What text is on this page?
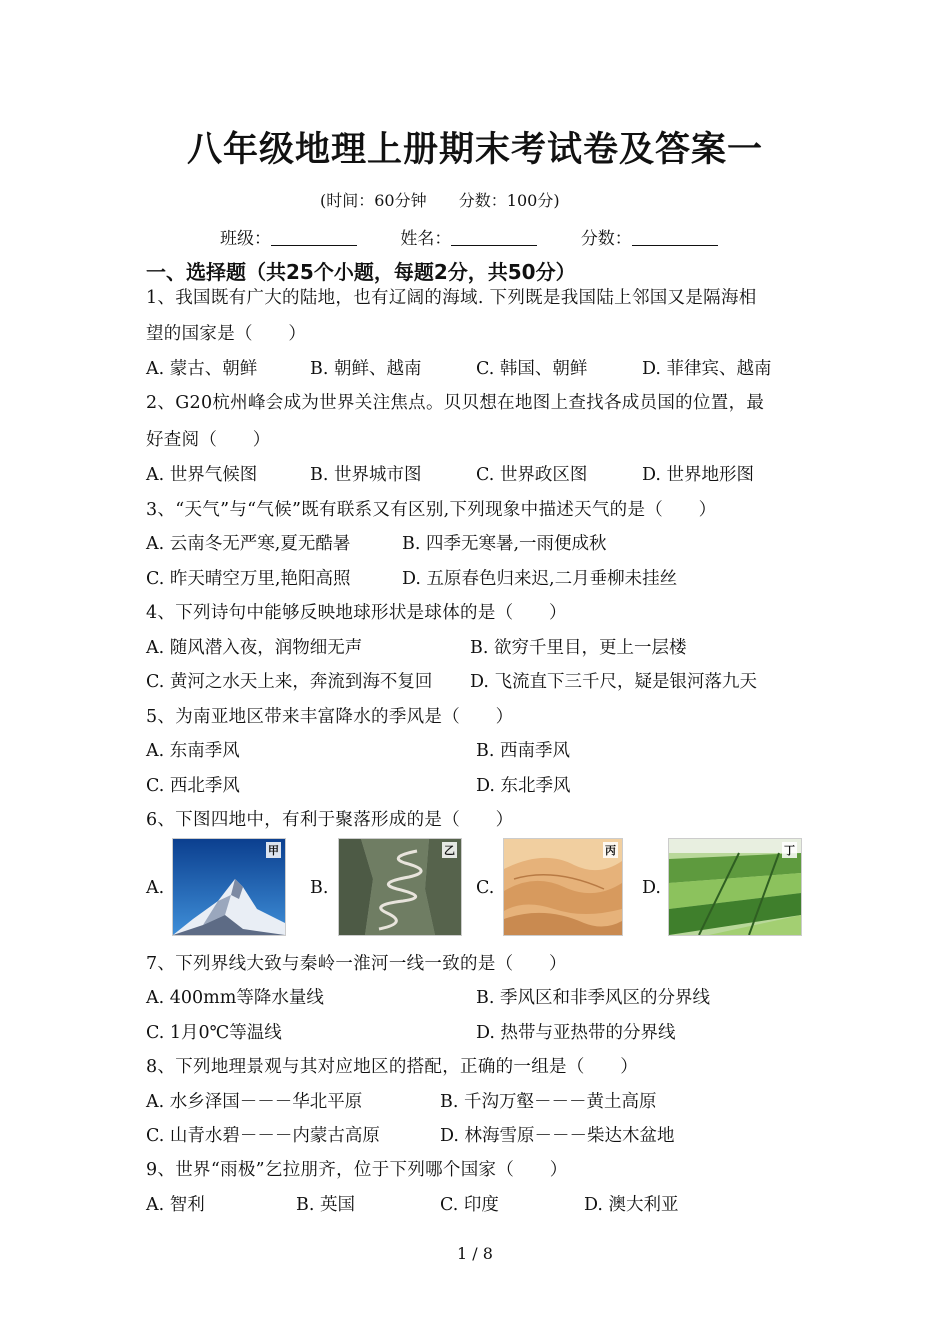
八年级地理上册期末考试卷及答案一
(时间：60分钟 分数：100分)
班级：	姓名：	分数：
一、选择题（共25个小题，每题2分，共50分）
1、我国既有广大的陆地，也有辽阔的海域. 下列既是我国陆上邻国又是隔海相
望的国家是（　　）
A. 蒙古、朝鲜	B. 朝鲜、越南	C. 韩国、朝鲜	D. 菲律宾、越南
2、G20杭州峰会成为世界关注焦点。贝贝想在地图上查找各成员国的位置，最
好查阅（　　）
A. 世界气候图	B. 世界城市图	C. 世界政区图	D. 世界地形图
3、“天气”与“气候”既有联系又有区别,下列现象中描述天气的是（　　）
A. 云南冬无严寒,夏无酷暑	B. 四季无寒暑,一雨便成秋
C. 昨天晴空万里,艳阳高照	D. 五原春色归来迟,二月垂柳未挂丝
4、下列诗句中能够反映地球形状是球体的是（　　）
A. 随风潜入夜，润物细无声	B. 欲穷千里目，更上一层楼
C. 黄河之水天上来，奔流到海不复回 D. 飞流直下三千尺，疑是银河落九天
5、为南亚地区带来丰富降水的季风是（　　）
A. 东南季风	B. 西南季风
C. 西北季风	D. 东北季风
6、下图四地中，有利于聚落形成的是（　　）
A.
甲
B.
乙
C.
丙
D.
丁
7、下列界线大致与秦岭一淮河一线一致的是（　　）
A. 400mm等降水量线	B. 季风区和非季风区的分界线
C. 1月0℃等温线	D. 热带与亚热带的分界线
8、下列地理景观与其对应地区的搭配，正确的一组是（　　）
A. 水乡泽国－－－华北平原	B. 千沟万壑－－－黄土高原
C. 山青水碧－－－内蒙古高原	D. 林海雪原－－－柴达木盆地
9、世界“雨极”乞拉朋齐，位于下列哪个国家（　　）
A. 智利	B. 英国	C. 印度	D. 澳大利亚
1 / 8
